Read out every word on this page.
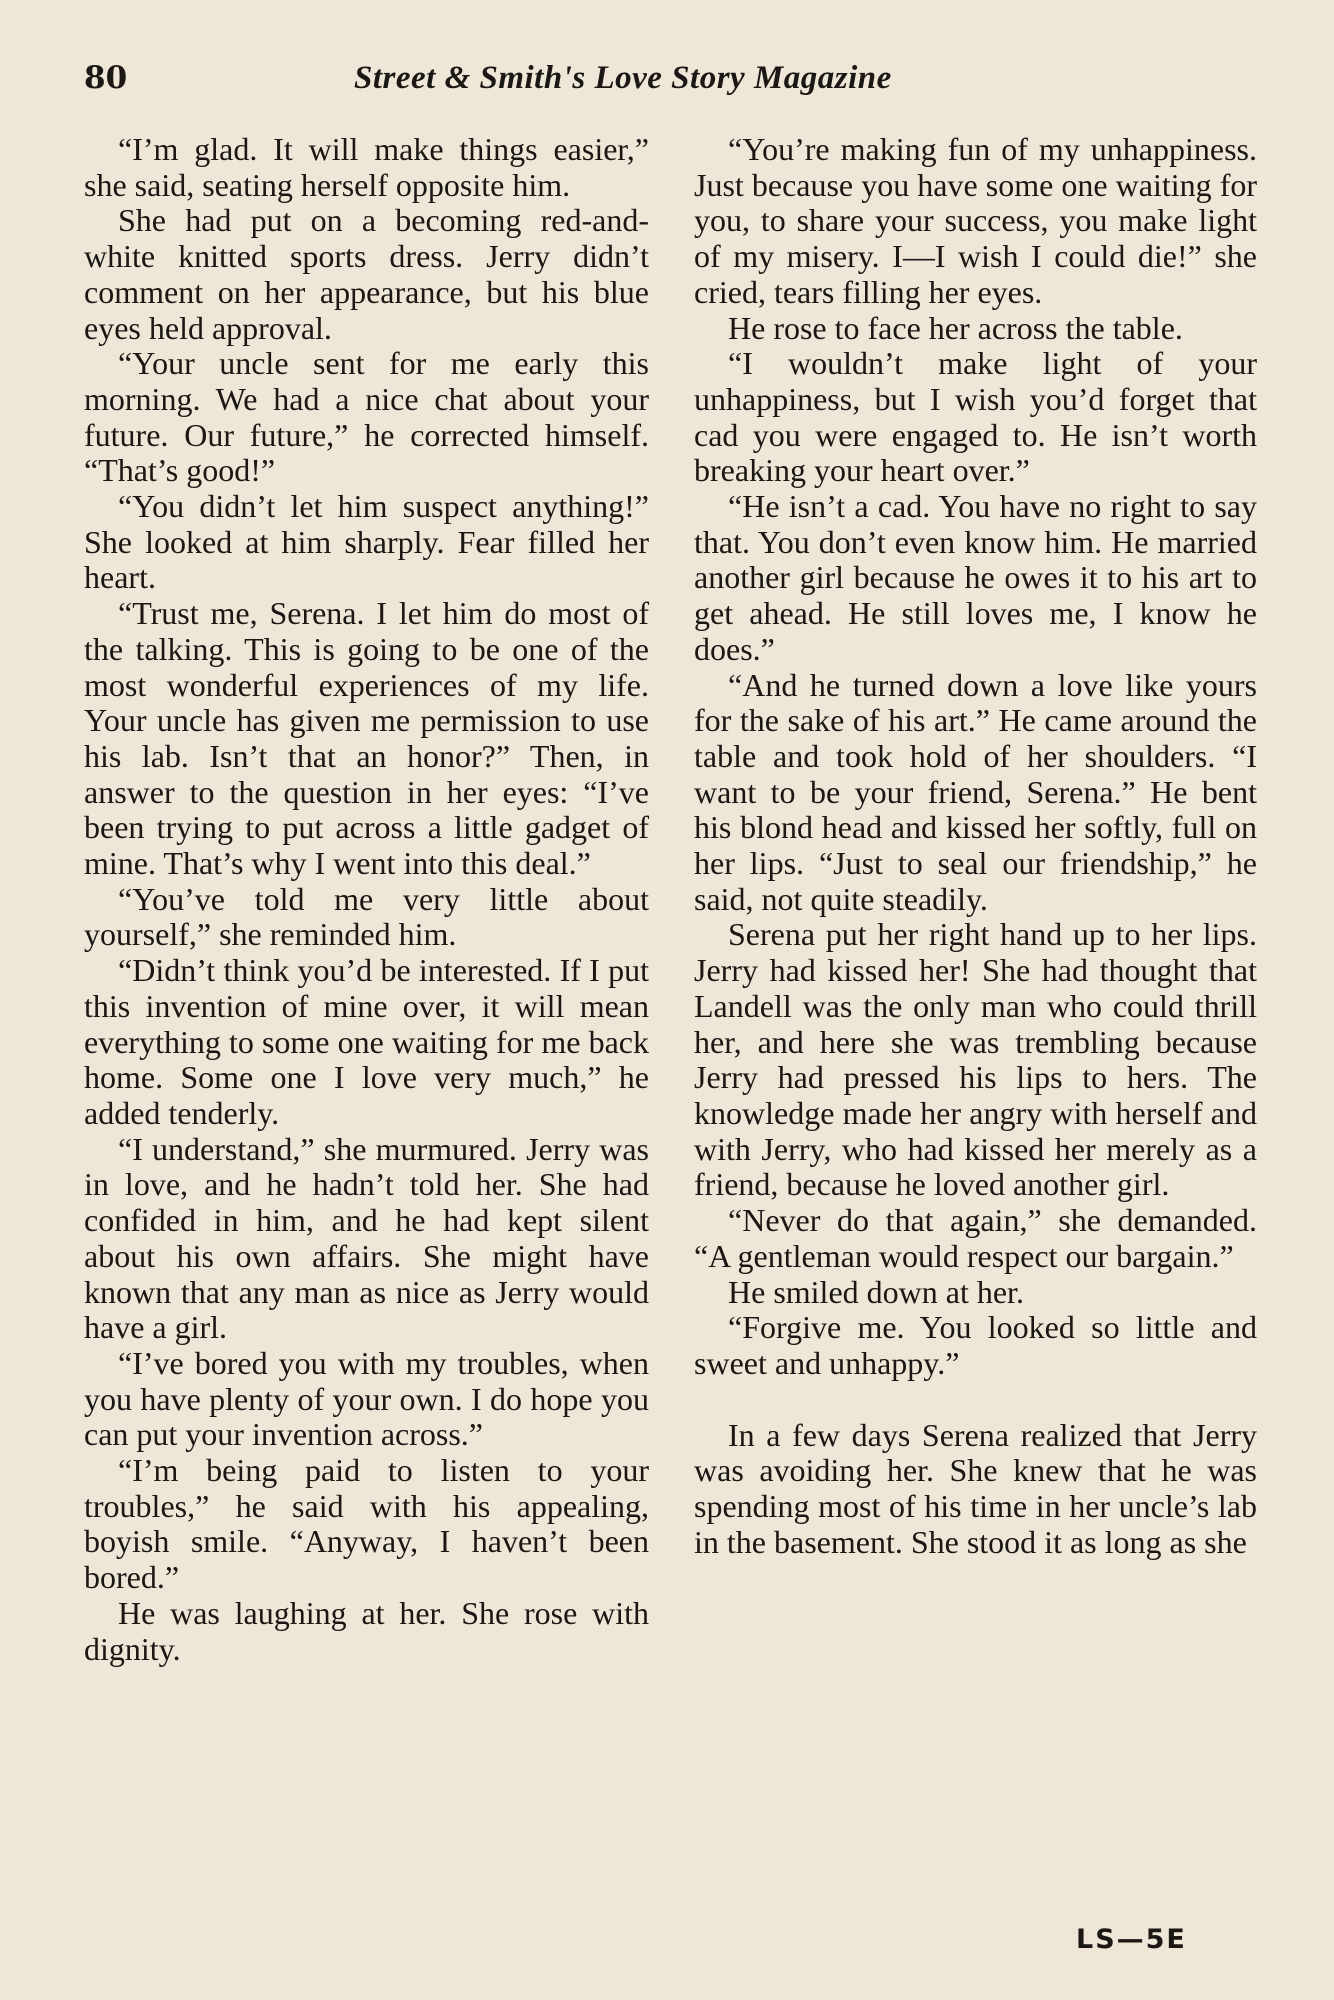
80	Street & Smith's Love Story Magazine

“I’m glad. It will make things easier,” she said, seating herself opposite him.

She had put on a becoming red-and-white knitted sports dress. Jerry didn’t comment on her appearance, but his blue eyes held approval.

“Your uncle sent for me early this morning. We had a nice chat about your future. Our future,” he corrected himself. “That’s good!”

“You didn’t let him suspect anything!” She looked at him sharply. Fear filled her heart.

“Trust me, Serena. I let him do most of the talking. This is going to be one of the most wonderful experiences of my life. Your uncle has given me permission to use his lab. Isn’t that an honor?” Then, in answer to the question in her eyes: “I’ve been trying to put across a little gadget of mine. That’s why I went into this deal.”

“You’ve told me very little about yourself,” she reminded him.

“Didn’t think you’d be interested. If I put this invention of mine over, it will mean everything to some one waiting for me back home. Some one I love very much,” he added tenderly.

“I understand,” she murmured. Jerry was in love, and he hadn’t told her. She had confided in him, and he had kept silent about his own affairs. She might have known that any man as nice as Jerry would have a girl.

“I’ve bored you with my troubles, when you have plenty of your own. I do hope you can put your invention across.”

“I’m being paid to listen to your troubles,” he said with his appealing, boyish smile. “Anyway, I haven’t been bored.”

He was laughing at her. She rose with dignity.

“You’re making fun of my unhappiness. Just because you have some one waiting for you, to share your success, you make light of my misery. I—I wish I could die!” she cried, tears filling her eyes.

He rose to face her across the table.

“I wouldn’t make light of your unhappiness, but I wish you’d forget that cad you were engaged to. He isn’t worth breaking your heart over.”

“He isn’t a cad. You have no right to say that. You don’t even know him. He married another girl because he owes it to his art to get ahead. He still loves me, I know he does.”

“And he turned down a love like yours for the sake of his art.” He came around the table and took hold of her shoulders. “I want to be your friend, Serena.” He bent his blond head and kissed her softly, full on her lips. “Just to seal our friendship,” he said, not quite steadily.

Serena put her right hand up to her lips. Jerry had kissed her! She had thought that Landell was the only man who could thrill her, and here she was trembling because Jerry had pressed his lips to hers. The knowledge made her angry with herself and with Jerry, who had kissed her merely as a friend, because he loved another girl.

“Never do that again,” she demanded. “A gentleman would respect our bargain.”

He smiled down at her.

“Forgive me. You looked so little and sweet and unhappy.”

In a few days Serena realized that Jerry was avoiding her. She knew that he was spending most of his time in her uncle’s lab in the basement. She stood it as long as she

LS—5E
